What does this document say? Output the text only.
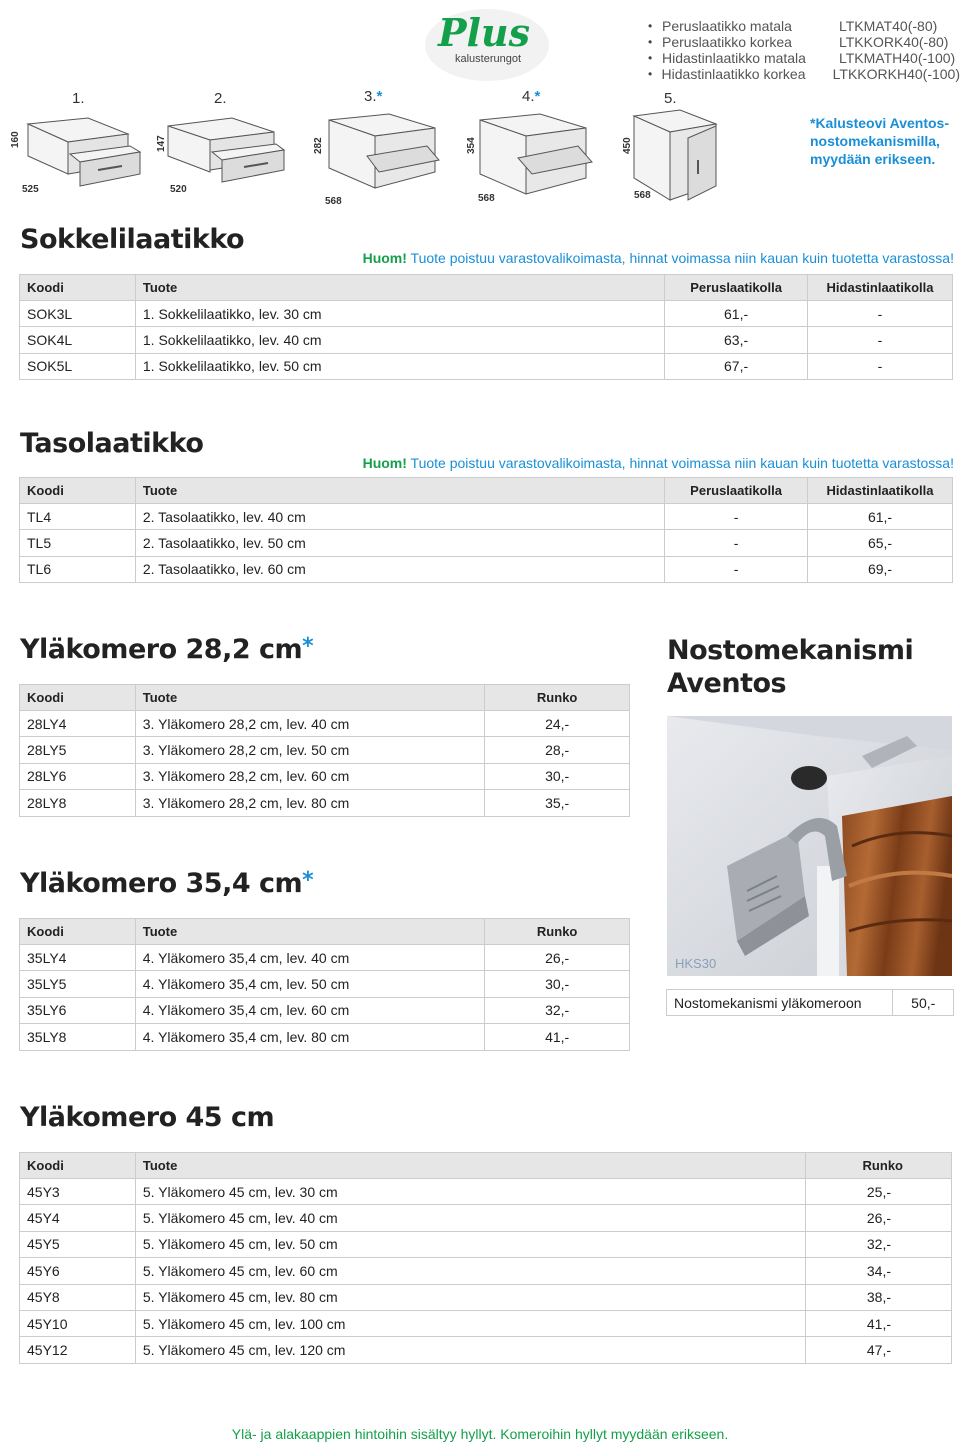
Plus
kalusterungot
• Peruslaatikko matala	LTKMAT40(-80)
• Peruslaatikko korkea	LTKKORK40(-80)
• Hidastinlaatikko matala	LTKMATH40(-100)
• Hidastinlaatikko korkea	LTKKORKH40(-100)
1.	2.	3.*	4.*	5.
160
525
147
520
282
568
354
568
450
568
*Kalusteovi Aventos-nostomekanismilla, myydään erikseen.
Sokkelilaatikko
Huom! Tuote poistuu varastovalikoimasta, hinnat voimassa niin kauan kuin tuotetta varastossa!
Koodi	Tuote	Peruslaatikolla	Hidastinlaatikolla
SOK3L	1. Sokkelilaatikko, lev. 30 cm	61,-	-
SOK4L	1. Sokkelilaatikko, lev. 40 cm	63,-	-
SOK5L	1. Sokkelilaatikko, lev. 50 cm	67,-	-
Tasolaatikko
Huom! Tuote poistuu varastovalikoimasta, hinnat voimassa niin kauan kuin tuotetta varastossa!
Koodi	Tuote	Peruslaatikolla	Hidastinlaatikolla
TL4	2. Tasolaatikko, lev. 40 cm	-	61,-
TL5	2. Tasolaatikko, lev. 50 cm	-	65,-
TL6	2. Tasolaatikko, lev. 60 cm	-	69,-
Yläkomero 28,2 cm*
Koodi	Tuote	Runko
28LY4	3. Yläkomero 28,2 cm, lev. 40 cm	24,-
28LY5	3. Yläkomero 28,2 cm, lev. 50 cm	28,-
28LY6	3. Yläkomero 28,2 cm, lev. 60 cm	30,-
28LY8	3. Yläkomero 28,2 cm, lev. 80 cm	35,-
Nostomekanismi
Aventos
HKS30
Nostomekanismi yläkomeroon	50,-
Yläkomero 35,4 cm*
Koodi	Tuote	Runko
35LY4	4. Yläkomero 35,4 cm, lev. 40 cm	26,-
35LY5	4. Yläkomero 35,4 cm, lev. 50 cm	30,-
35LY6	4. Yläkomero 35,4 cm, lev. 60 cm	32,-
35LY8	4. Yläkomero 35,4 cm, lev. 80 cm	41,-
Yläkomero 45 cm
Koodi	Tuote	Runko
45Y3	5. Yläkomero 45 cm, lev. 30 cm	25,-
45Y4	5. Yläkomero 45 cm, lev. 40 cm	26,-
45Y5	5. Yläkomero 45 cm, lev. 50 cm	32,-
45Y6	5. Yläkomero 45 cm, lev. 60 cm	34,-
45Y8	5. Yläkomero 45 cm, lev. 80 cm	38,-
45Y10	5. Yläkomero 45 cm, lev. 100 cm	41,-
45Y12	5. Yläkomero 45 cm, lev. 120 cm	47,-
Ylä- ja alakaappien hintoihin sisältyy hyllyt. Komeroihin hyllyt myydään erikseen.
